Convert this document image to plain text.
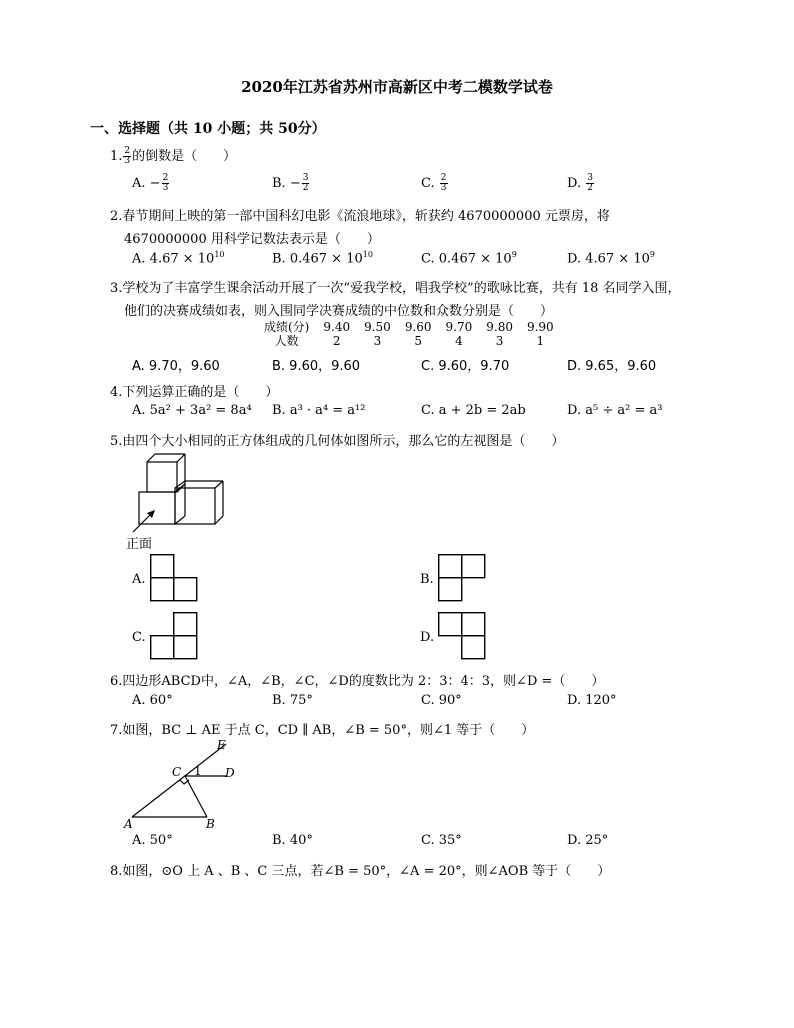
2020年江苏省苏州市高新区中考二模数学试卷
一、选择题（共 10 小题；共 50分）
1. $\frac{2}{3}$ 的倒数是（　　）
A. − $\frac{2}{3}$	B. − $\frac{3}{2}$	C. $\frac{2}{3}$	D. $\frac{3}{2}$
2.春节期间上映的第一部中国科幻电影《流浪地球》，斩获约 4670000000 元票房，将
4670000000 用科学记数法表示是（　　）
A. $4.67 \times 10^{10}$	B. $0.467 \times 10^{10}$	C. $0.467 \times 10^9$	D. $4.67 \times 10^9$
3.学校为了丰富学生课余活动开展了一次“爱我学校，唱我学校”的歌咏比赛，共有 18 名同学入围，
他们的决赛成绩如表，则入围同学决赛成绩的中位数和众数分别是（　　）
成绩(分)	9.40	9.50	9.60	9.70	9.80	9.90
人数	2	3	5	4	3	1
A. 9.70，9.60	B. 9.60，9.60	C. 9.60，9.70	D. 9.65，9.60
4.下列运算正确的是（　　）
A. 5a² + 3a² = 8a⁴ B. a³ · a⁴ = a¹²	C. a + 2b = 2ab	D. a⁵ ÷ a² = a³
5.由四个大小相同的正方体组成的几何体如图所示，那么它的左视图是（　　）
正面
A.	B.
C.	D.
6.四边形ABCD中，∠A，∠B，∠C，∠D的度数比为 2：3：4：3，则∠D =（　　）
A. 60°	B. 75°	C. 90°	D. 120°
7.如图，BC ⊥ AE 于点 C，CD ∥ AB，∠B = 50°，则∠1 等于（　　）
E
C 1 D
A	B
A. 50°	B. 40°	C. 35°	D. 25°
8.如图，⊙O 上 A 、B 、C 三点，若∠B = 50°，∠A = 20°，则∠AOB 等于（　　）
